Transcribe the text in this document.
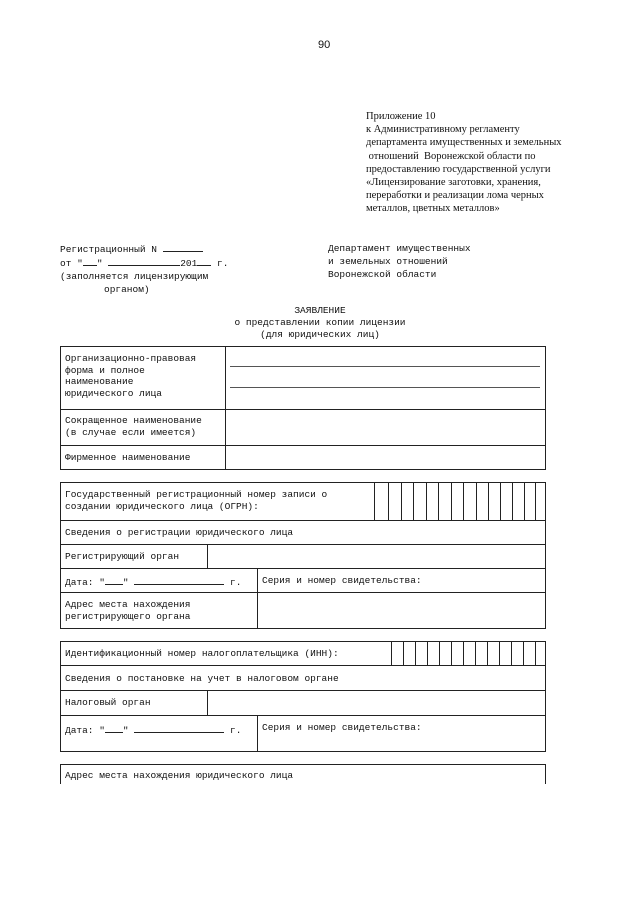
90
Приложение 10
к Административному регламенту
департамента имущественных и земельных
отношений  Воронежской области по
предоставлению государственной услуги
«Лицензирование заготовки, хранения,
переработки и реализации лома черных
металлов, цветных металлов»
Регистрационный N
от " "	201 г.
(заполняется лицензирующим
органом)
Департамент имущественных
и земельных отношений
Воронежской области
ЗАЯВЛЕНИЕ
о представлении копии лицензии
(для юридических лиц)
Организационно-правовая
форма и полное
наименование
юридического лица
Сокращенное наименование
(в случае если имеется)
Фирменное наименование
Государственный регистрационный номер записи о
создании юридического лица (ОГРН):
Сведения о регистрации юридического лица
Регистрирующий орган
Дата: " "	г. Серия и номер свидетельства:
Адрес места нахождения
регистрирующего органа
Идентификационный номер налогоплательщика (ИНН):
Сведения о постановке на учет в налоговом органе
Налоговый орган
Дата: " "	г. Серия и номер свидетельства:
Адрес места нахождения юридического лица
